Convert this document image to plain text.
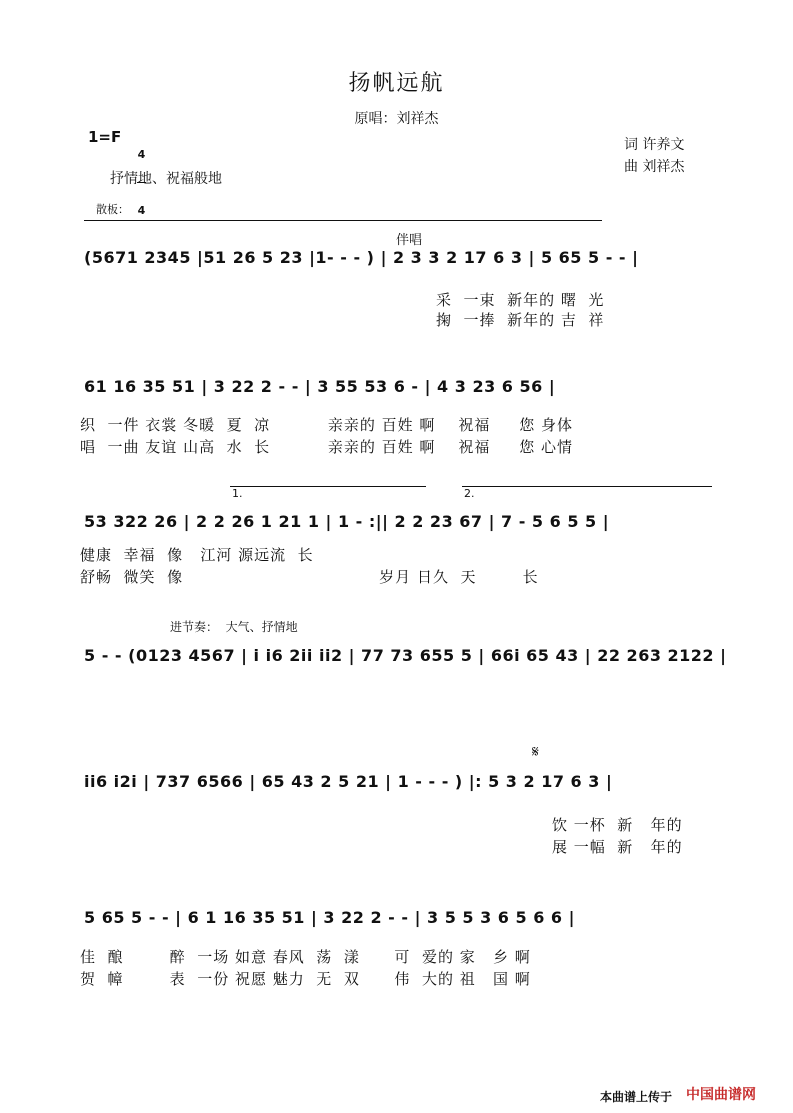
扬帆远航
原唱：刘祥杰
1=F

4

4

词 许养文
曲 刘祥杰
抒情地、祝福般地
散板：
伴唱
(5671 2345 |51 26 5 23 |1- - - ) | 2 3 3 2 17 6 3 | 5 65 5 - - |
采  一束  新年的 曙  光
掬  一捧  新年的 吉  祥
61 16 35 51 | 3 22 2 - - | 3 55 53 6 - | 4 3 23 6 56 |
织  一件 衣裳 冬暖  夏  凉          亲亲的 百姓 啊    祝福     您 身体
唱  一曲 友谊 山高  水  长          亲亲的 百姓 啊    祝福     您 心情
1.	2.
53 322 26 | 2 2 26 1 21 1 | 1 - :|| 2 2 23 67 | 7 - 5 6 5 5 |
健康  幸福  像   江河 源远流  长
舒畅  微笑  像                                  岁月 日久  天        长
进节奏：  大气、抒情地
5 - - (0123 4567 | i i6 2ii ii2 | 77 73 655 5 | 66i 65 43 | 22 263 2122 |
𝄋
ii6 i2i | 737 6566 | 65 43 2 5 21 | 1 - - - ) |: 5 3 2 17 6 3 |
饮 一杯  新   年的
展 一幅  新   年的
5 65 5 - - | 6 1 16 35 51 | 3 22 2 - - | 3 5 5 3 6 5 6 6 |
佳  酿        醉  一场 如意 春风  荡  漾      可  爱的 家   乡 啊
贺  幛        表  一份 祝愿 魅力  无  双      伟  大的 祖   国 啊
本曲谱上传于 中国曲谱网
